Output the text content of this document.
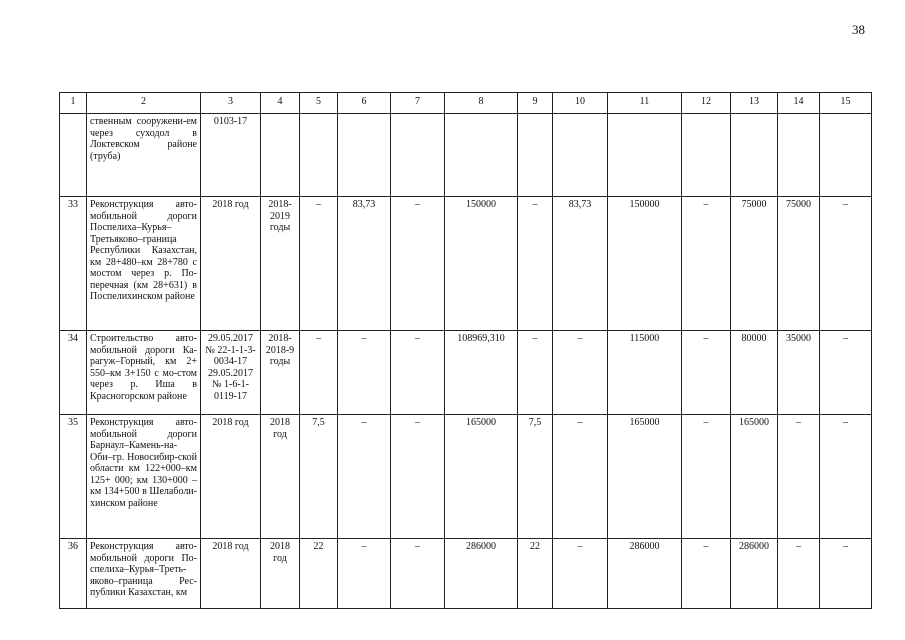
38
1	2	3	4	5	6	7	8	9	10	11	12	13	14	15
	ственным сооружени-ем через суходол в Локтевском районе (труба)	0103-17												
33	Реконструкция авто-мобильной дороги Поспелиха–Курья–Третьяково–граница Республики Казахстан, км 28+480–км 28+780 с мостом через р. По-перечная (км 28+631) в Поспелихинском районе	2018 год	2018-2019 годы	–	83,73	–	150000	–	83,73	150000	–	75000	75000	–
34	Строительство авто-мобильной дороги Ка-рагуж–Горный, км 2+ 550–км 3+150 с мо-стом через р. Иша в Красногорском районе	29.05.2017 № 22-1-1-3-0034-17 29.05.2017 № 1-6-1-0119-17	2018-2018-9 годы	–	–	–	108969,310	–	–	115000	–	80000	35000	–
35	Реконструкция авто-мобильной дороги Барнаул–Камень-на-Оби–гр. Новосибир-ской области км 122+000–км 125+ 000; км 130+000 – км 134+500 в Шелаболи-хинском районе	2018 год	2018 год	7,5	–	–	165000	7,5	–	165000	–	165000	–	–
36	Реконструкция авто-мобильной дороги По-спелиха–Курья–Треть-яково–граница Рес-публики Казахстан, км	2018 год	2018 год	22	–	–	286000	22	–	286000	–	286000	–	–
